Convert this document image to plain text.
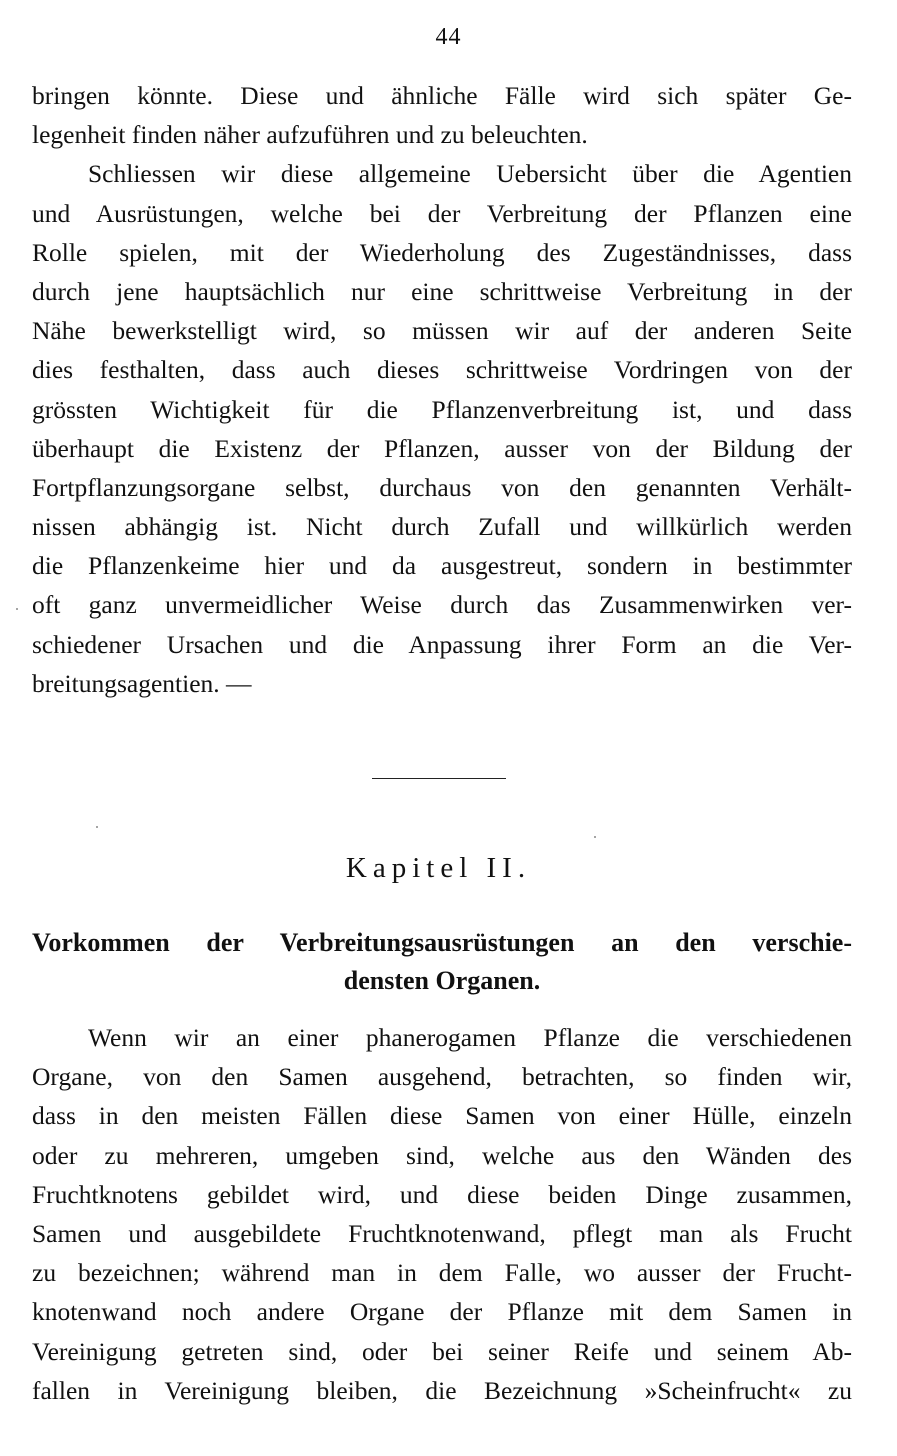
44
bringen könnte. Diese und ähnliche Fälle wird sich später Ge-
legenheit finden näher aufzuführen und zu beleuchten.
Schliessen wir diese allgemeine Uebersicht über die Agentien
und Ausrüstungen, welche bei der Verbreitung der Pflanzen eine
Rolle spielen, mit der Wiederholung des Zugeständnisses, dass
durch jene hauptsächlich nur eine schrittweise Verbreitung in der
Nähe bewerkstelligt wird, so müssen wir auf der anderen Seite
dies festhalten, dass auch dieses schrittweise Vordringen von der
grössten Wichtigkeit für die Pflanzenverbreitung ist, und dass
überhaupt die Existenz der Pflanzen, ausser von der Bildung der
Fortpflanzungsorgane selbst, durchaus von den genannten Verhält-
nissen abhängig ist. Nicht durch Zufall und willkürlich werden
die Pflanzenkeime hier und da ausgestreut, sondern in bestimmter
oft ganz unvermeidlicher Weise durch das Zusammenwirken ver-
schiedener Ursachen und die Anpassung ihrer Form an die Ver-
breitungsagentien. —
Kapitel II.
Vorkommen der Verbreitungsausrüstungen an den verschie-
densten Organen.
Wenn wir an einer phanerogamen Pflanze die verschiedenen
Organe, von den Samen ausgehend, betrachten, so finden wir,
dass in den meisten Fällen diese Samen von einer Hülle, einzeln
oder zu mehreren, umgeben sind, welche aus den Wänden des
Fruchtknotens gebildet wird, und diese beiden Dinge zusammen,
Samen und ausgebildete Fruchtknotenwand, pflegt man als Frucht
zu bezeichnen; während man in dem Falle, wo ausser der Frucht-
knotenwand noch andere Organe der Pflanze mit dem Samen in
Vereinigung getreten sind, oder bei seiner Reife und seinem Ab-
fallen in Vereinigung bleiben, die Bezeichnung »Scheinfrucht« zu
